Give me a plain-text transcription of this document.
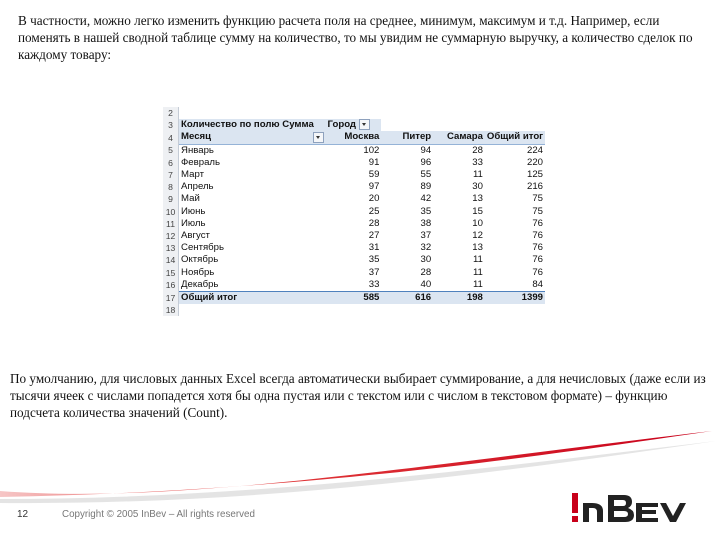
В частности, можно легко изменить функцию расчета поля на среднее, минимум, максимум и т.д. Например, если поменять в нашей сводной таблице сумму на количество, то мы увидим не суммарную выручку, а количество сделок по каждому товару:
2					
3	Количество по полю Сумма	Город			
4	Месяц	Москва	Питер	Самара	Общий итог
5	Январь	102	94	28	224
6	Февраль	91	96	33	220
7	Март	59	55	11	125
8	Апрель	97	89	30	216
9	Май	20	42	13	75
10	Июнь	25	35	15	75
11	Июль	28	38	10	76
12	Август	27	37	12	76
13	Сентябрь	31	32	13	76
14	Октябрь	35	30	11	76
15	Ноябрь	37	28	11	76
16	Декабрь	33	40	11	84
17	Общий итог	585	616	198	1399
18					
По умолчанию, для числовых данных Excel всегда автоматически выбирает суммирование, а для нечисловых (даже если из тысячи ячеек с числами попадется хотя бы одна пустая или с текстом или с числом в текстовом формате) – функцию подсчета количества значений (Count).
12	Copyright © 2005 InBev – All rights reserved
